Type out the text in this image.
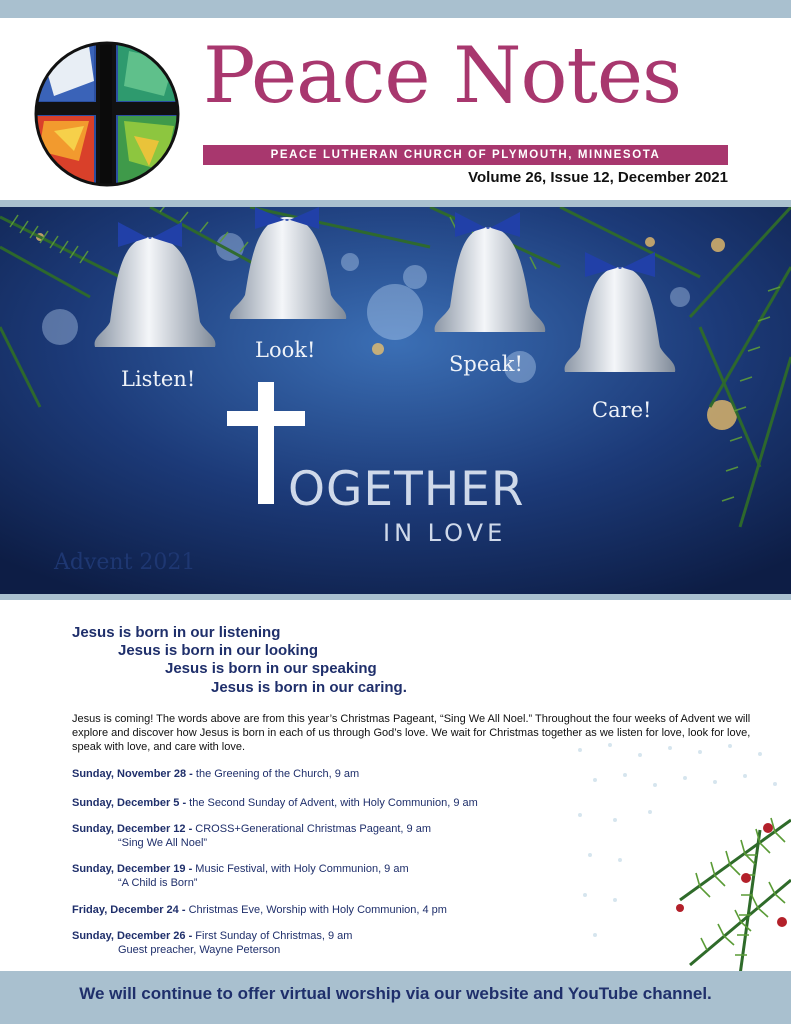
Peace Notes
PEACE LUTHERAN CHURCH OF PLYMOUTH, MINNESOTA
Volume 26, Issue 12, December 2021
Listen!
Look!
Speak!
Care!
OGETHER
IN LOVE
Advent 2021
Jesus is born in our listening
Jesus is born in our looking
Jesus is born in our speaking
Jesus is born in our caring.
Jesus is coming! The words above are from this year’s Christmas Pageant, “Sing We All Noel.” Throughout the four weeks of Advent we will explore and discover how Jesus is born in each of us through God’s love. We wait for Christmas together as we listen for love, look for love, speak with love, and care with love.
Sunday, November 28 - the Greening of the Church, 9 am
Sunday, December 5 - the Second Sunday of Advent, with Holy Communion, 9 am
Sunday, December 12 - CROSS+Generational Christmas Pageant, 9 am
“Sing We All Noel”
Sunday, December 19 - Music Festival, with Holy Communion, 9 am
“A Child is Born”
Friday, December 24 - Christmas Eve, Worship with Holy Communion, 4 pm
Sunday, December 26 - First Sunday of Christmas, 9 am
Guest preacher, Wayne Peterson
We will continue to offer virtual worship via our website and YouTube channel.
